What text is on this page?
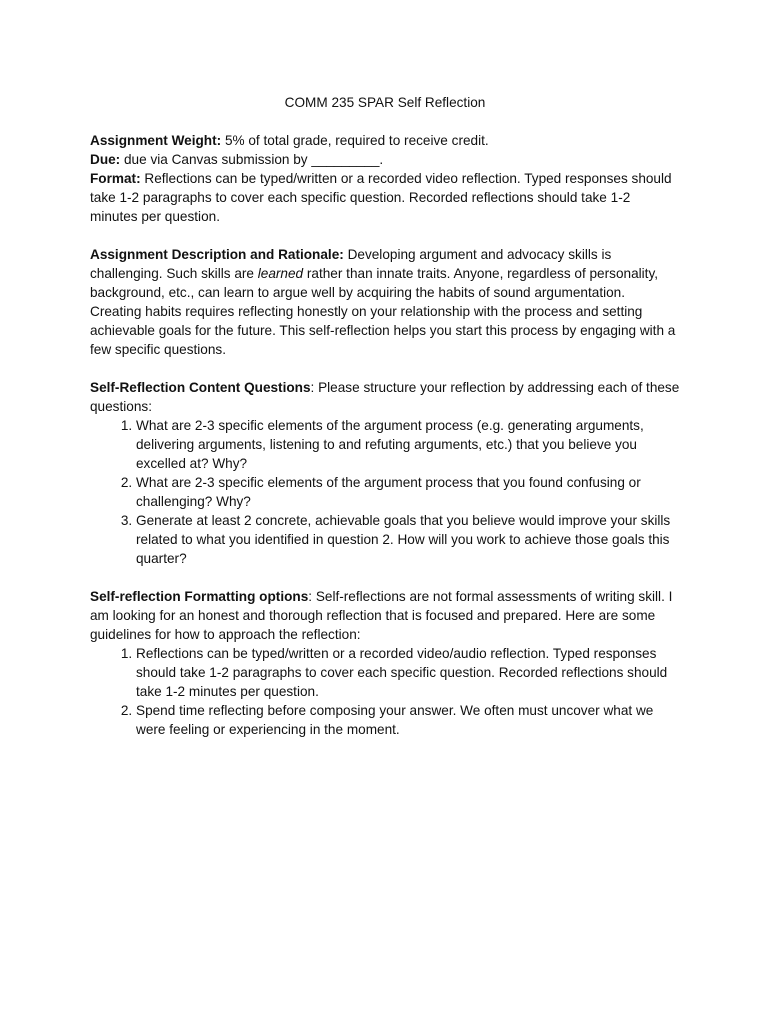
COMM 235 SPAR Self Reflection

Assignment Weight: 5% of total grade, required to receive credit.

Due: due via Canvas submission by _________.

Format: Reflections can be typed/written or a recorded video reflection. Typed responses should take 1-2 paragraphs to cover each specific question. Recorded reflections should take 1-2 minutes per question.

Assignment Description and Rationale: Developing argument and advocacy skills is challenging. Such skills are learned rather than innate traits. Anyone, regardless of personality, background, etc., can learn to argue well by acquiring the habits of sound argumentation. Creating habits requires reflecting honestly on your relationship with the process and setting achievable goals for the future. This self-reflection helps you start this process by engaging with a few specific questions.

Self-Reflection Content Questions: Please structure your reflection by addressing each of these questions:

1. What are 2-3 specific elements of the argument process (e.g. generating arguments, delivering arguments, listening to and refuting arguments, etc.) that you believe you excelled at? Why?
2. What are 2-3 specific elements of the argument process that you found confusing or challenging? Why?
3. Generate at least 2 concrete, achievable goals that you believe would improve your skills related to what you identified in question 2. How will you work to achieve those goals this quarter?

Self-reflection Formatting options: Self-reflections are not formal assessments of writing skill. I am looking for an honest and thorough reflection that is focused and prepared. Here are some guidelines for how to approach the reflection:

1. Reflections can be typed/written or a recorded video/audio reflection. Typed responses should take 1-2 paragraphs to cover each specific question. Recorded reflections should take 1-2 minutes per question.
2. Spend time reflecting before composing your answer. We often must uncover what we were feeling or experiencing in the moment.
